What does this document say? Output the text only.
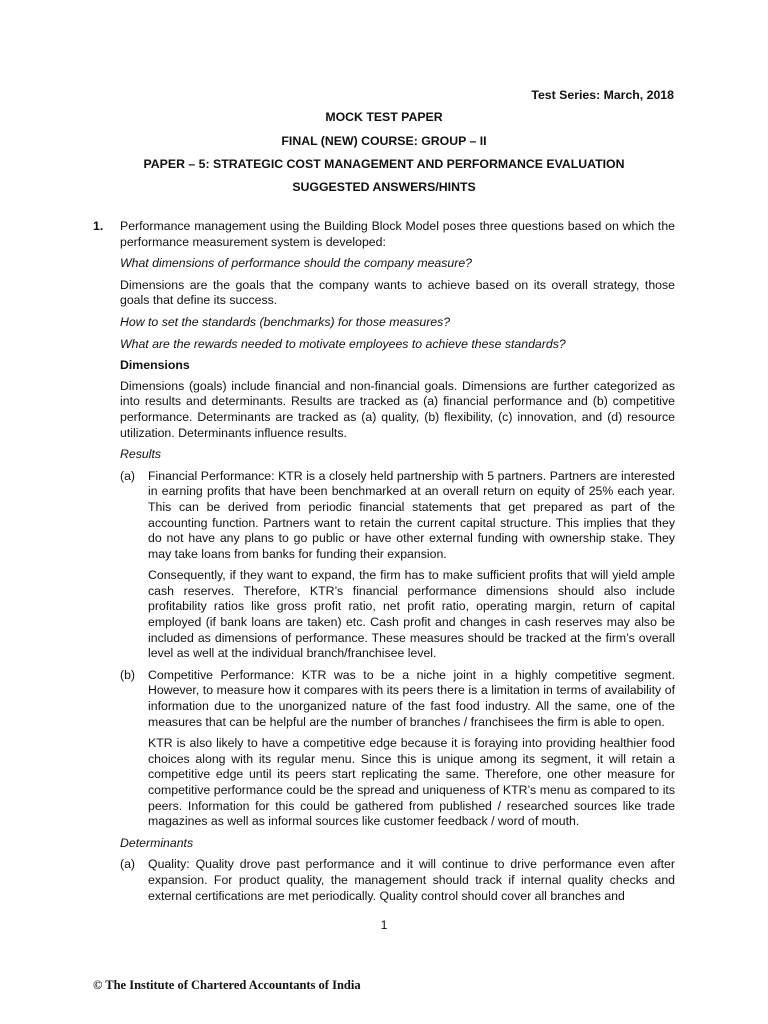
Test Series: March, 2018
MOCK TEST PAPER
FINAL (NEW) COURSE: GROUP – II
PAPER – 5: STRATEGIC COST MANAGEMENT AND PERFORMANCE EVALUATION
SUGGESTED ANSWERS/HINTS
1. Performance management using the Building Block Model poses three questions based on which the performance measurement system is developed:

What dimensions of performance should the company measure?

Dimensions are the goals that the company wants to achieve based on its overall strategy, those goals that define its success.

How to set the standards (benchmarks) for those measures?

What are the rewards needed to motivate employees to achieve these standards?

Dimensions

Dimensions (goals) include financial and non-financial goals. Dimensions are further categorized as into results and determinants. Results are tracked as (a) financial performance and (b) competitive performance. Determinants are tracked as (a) quality, (b) flexibility, (c) innovation, and (d) resource utilization. Determinants influence results.

Results

(a) Financial Performance: KTR is a closely held partnership with 5 partners. Partners are interested in earning profits that have been benchmarked at an overall return on equity of 25% each year. This can be derived from periodic financial statements that get prepared as part of the accounting function. Partners want to retain the current capital structure. This implies that they do not have any plans to go public or have other external funding with ownership stake. They may take loans from banks for funding their expansion.

Consequently, if they want to expand, the firm has to make sufficient profits that will yield ample cash reserves. Therefore, KTR’s financial performance dimensions should also include profitability ratios like gross profit ratio, net profit ratio, operating margin, return of capital employed (if bank loans are taken) etc. Cash profit and changes in cash reserves may also be included as dimensions of performance. These measures should be tracked at the firm’s overall level as well at the individual branch/franchisee level.

(b) Competitive Performance: KTR was to be a niche joint in a highly competitive segment. However, to measure how it compares with its peers there is a limitation in terms of availability of information due to the unorganized nature of the fast food industry. All the same, one of the measures that can be helpful are the number of branches / franchisees the firm is able to open.

KTR is also likely to have a competitive edge because it is foraying into providing healthier food choices along with its regular menu. Since this is unique among its segment, it will retain a competitive edge until its peers start replicating the same. Therefore, one other measure for competitive performance could be the spread and uniqueness of KTR’s menu as compared to its peers. Information for this could be gathered from published / researched sources like trade magazines as well as informal sources like customer feedback / word of mouth.

Determinants

(a) Quality: Quality drove past performance and it will continue to drive performance even after expansion. For product quality, the management should track if internal quality checks and external certifications are met periodically. Quality control should cover all branches and

1
© The Institute of Chartered Accountants of India
